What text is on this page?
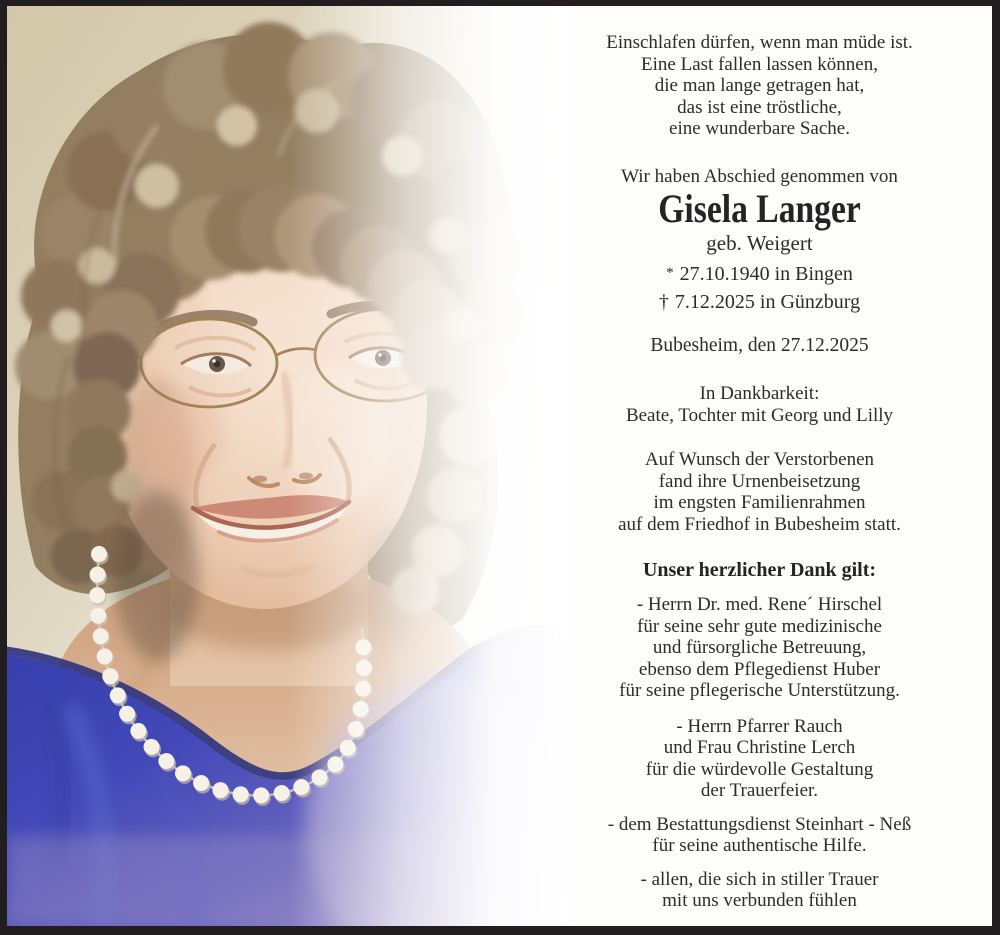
Einschlafen dürfen, wenn man müde ist.
Eine Last fallen lassen können,
die man lange getragen hat,
das ist eine tröstliche,
eine wunderbare Sache.
Wir haben Abschied genommen von
Gisela Langer
geb. Weigert
* 27.10.1940 in Bingen
† 7.12.2025 in Günzburg
Bubesheim, den 27.12.2025
In Dankbarkeit:
Beate, Tochter mit Georg und Lilly
Auf Wunsch der Verstorbenen
fand ihre Urnenbeisetzung
im engsten Familienrahmen
auf dem Friedhof in Bubesheim statt.
Unser herzlicher Dank gilt:
- Herrn Dr. med. Rene´ Hirschel
für seine sehr gute medizinische
und fürsorgliche Betreuung,
ebenso dem Pflegedienst Huber
für seine pflegerische Unterstützung.
- Herrn Pfarrer Rauch
und Frau Christine Lerch
für die würdevolle Gestaltung
der Trauerfeier.
- dem Bestattungsdienst Steinhart - Neß
für seine authentische Hilfe.
- allen, die sich in stiller Trauer
mit uns verbunden fühlen
